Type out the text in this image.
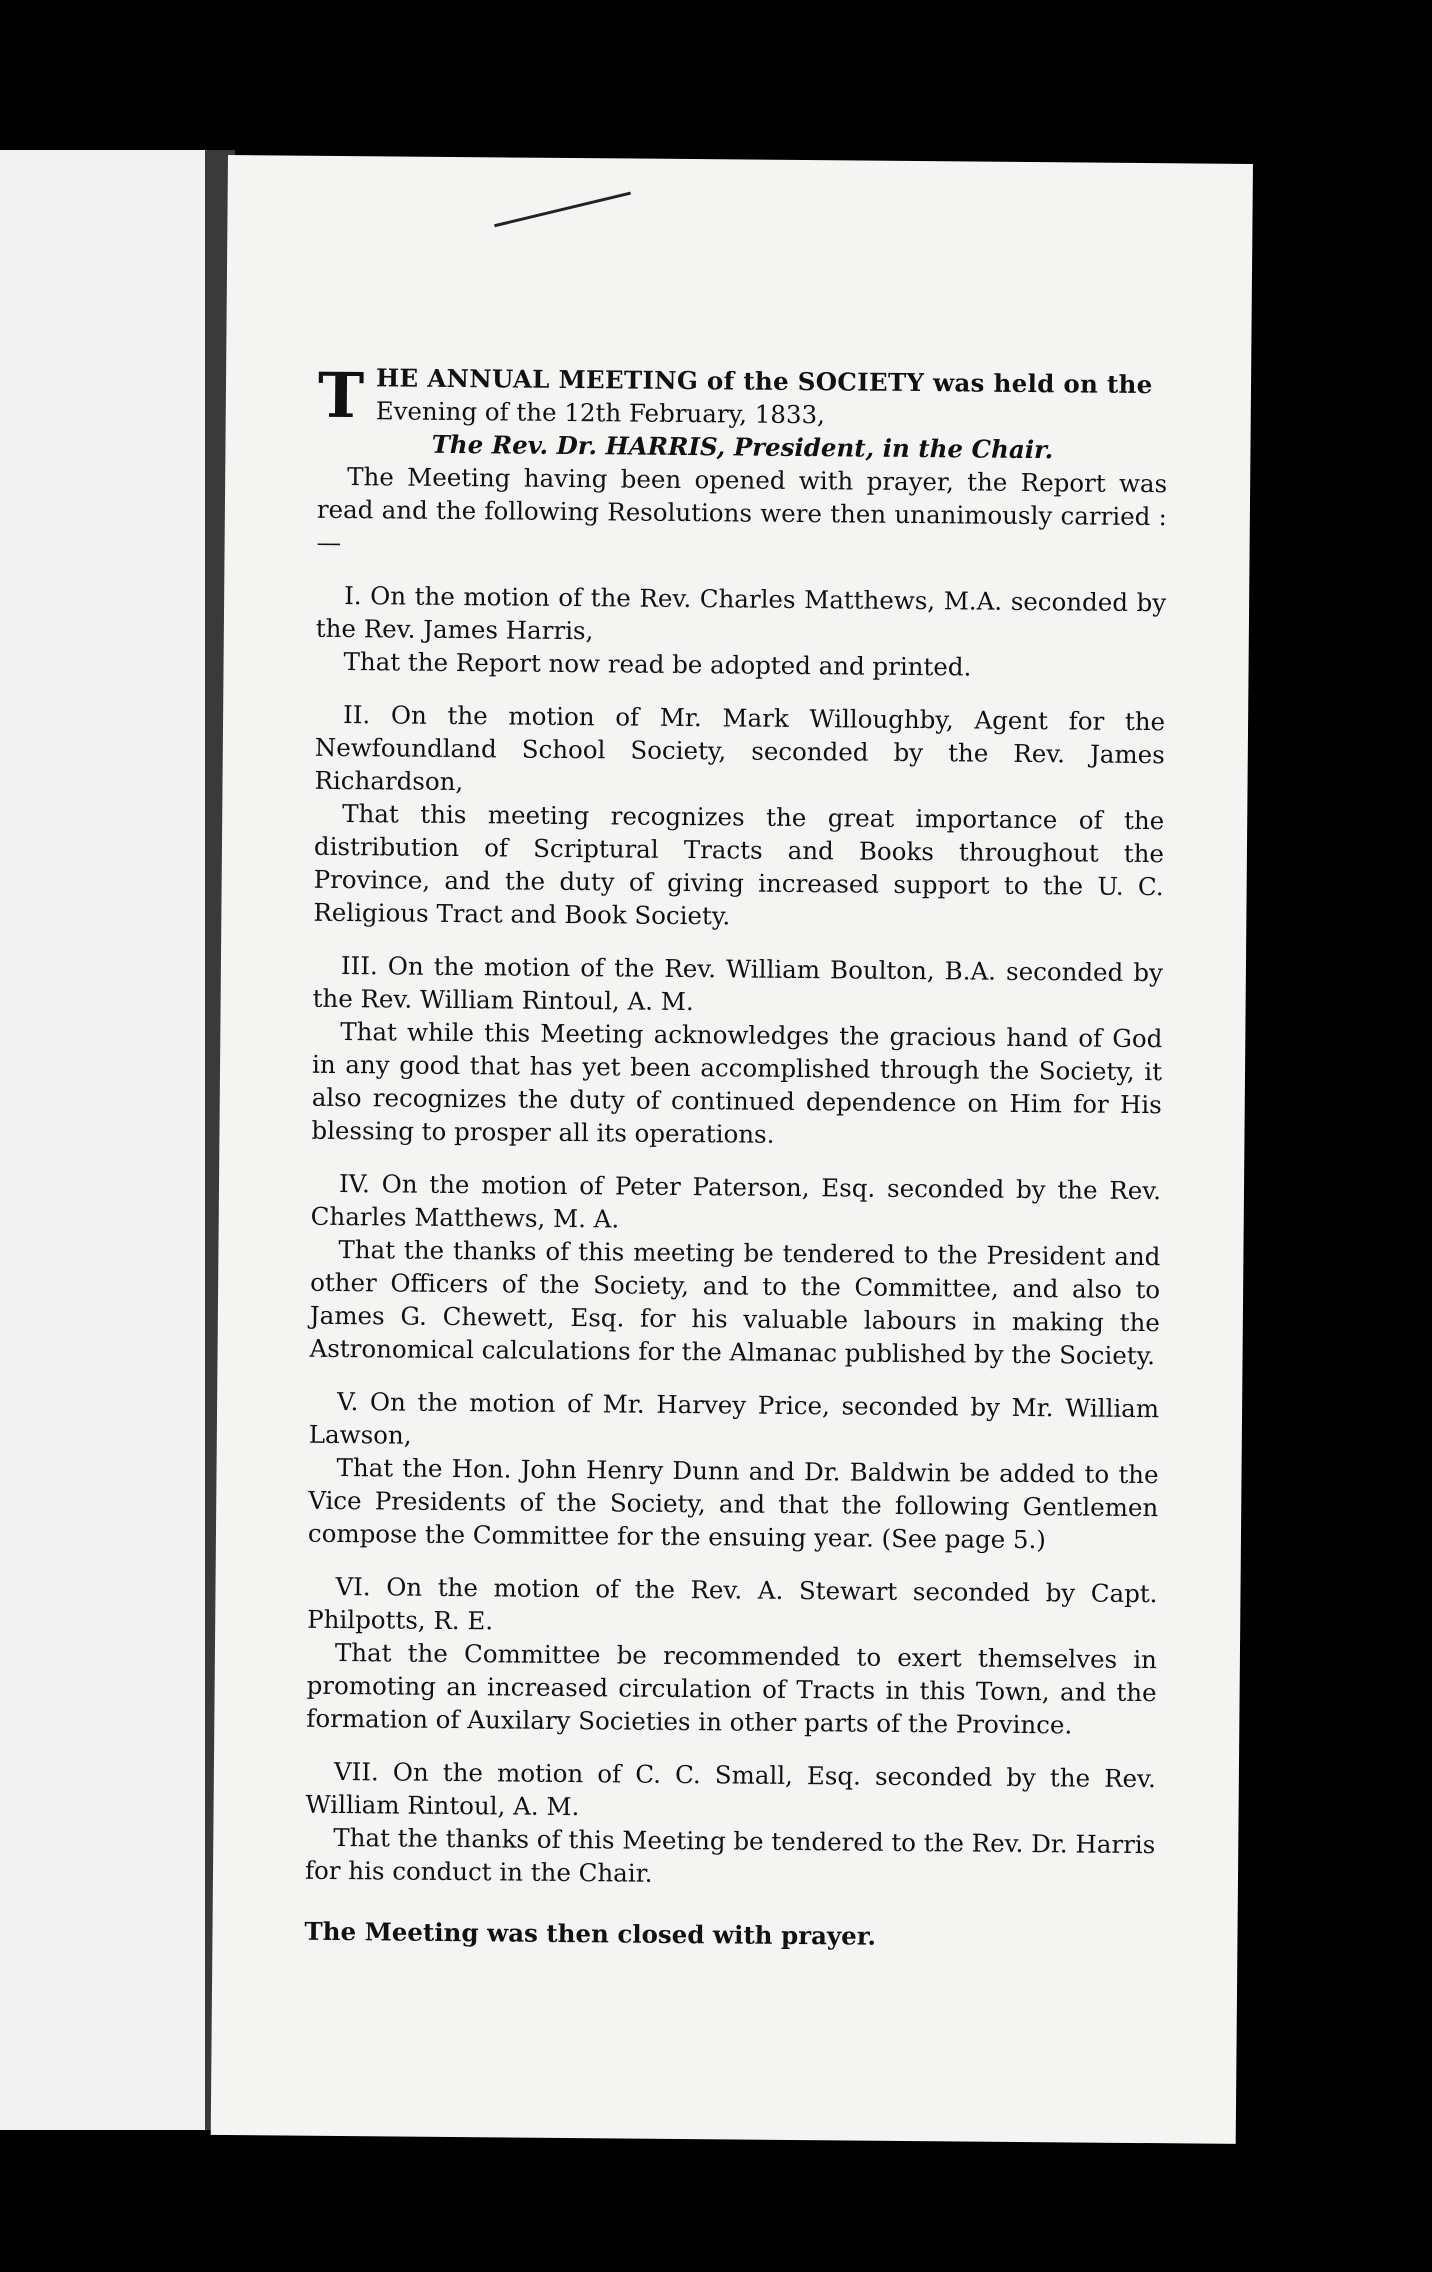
T HE ANNUAL MEETING of the SOCIETY was held on the
Evening of the 12th February, 1833,
The Rev. Dr. HARRIS, President, in the Chair.

The Meeting having been opened with prayer, the Report was read and the following Resolutions were then unanimously carried :—

I. On the motion of the Rev. Charles Matthews, M.A. seconded by the Rev. James Harris,

That the Report now read be adopted and printed.

II. On the motion of Mr. Mark Willoughby, Agent for the Newfoundland School Society, seconded by the Rev. James Richardson,

That this meeting recognizes the great importance of the distribution of Scriptural Tracts and Books throughout the Province, and the duty of giving increased support to the U. C. Religious Tract and Book Society.

III. On the motion of the Rev. William Boulton, B.A. seconded by the Rev. William Rintoul, A. M.

That while this Meeting acknowledges the gracious hand of God in any good that has yet been accomplished through the Society, it also recognizes the duty of continued dependence on Him for His blessing to prosper all its operations.

IV. On the motion of Peter Paterson, Esq. seconded by the Rev. Charles Matthews, M. A.

That the thanks of this meeting be tendered to the President and other Officers of the Society, and to the Committee, and also to James G. Chewett, Esq. for his valuable labours in making the Astronomical calculations for the Almanac published by the Society.

V. On the motion of Mr. Harvey Price, seconded by Mr. William Lawson,

That the Hon. John Henry Dunn and Dr. Baldwin be added to the Vice Presidents of the Society, and that the following Gentlemen compose the Committee for the ensuing year. (See page 5.)

VI. On the motion of the Rev. A. Stewart seconded by Capt. Philpotts, R. E.

That the Committee be recommended to exert themselves in promoting an increased circulation of Tracts in this Town, and the formation of Auxilary Societies in other parts of the Province.

VII. On the motion of C. C. Small, Esq. seconded by the Rev. William Rintoul, A. M.

That the thanks of this Meeting be tendered to the Rev. Dr. Harris for his conduct in the Chair.

The Meeting was then closed with prayer.
